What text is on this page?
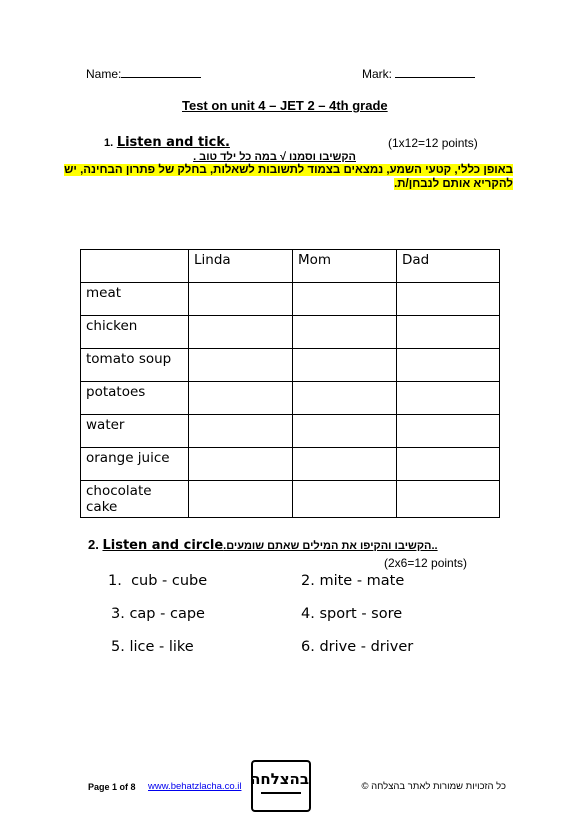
Name:	Mark:
Test on unit 4 – JET 2 – 4th grade
1. Listen and tick.	(1x12=12 points)
הקשיבו וסמנו √ במה כל ילד טוב .
באופן כללי, קטעי השמע, נמצאים בצמוד לתשובות לשאלות, בחלק של פתרון הבחינה, יש
להקריא אותם לנבחן/ת.
	Linda	Mom	Dad
meat			
chicken			
tomato soup			
potatoes			
water			
orange juice			
chocolate cake			
2. Listen and circle..הקשיבו והקיפו את המילים שאתם שומעים.
(2x6=12 points)
1. cub - cube	2. mite - mate
3. cap - cape	4. sport - sore
5. lice - like	6. drive - driver
Page 1 of 8 www.behatzlacha.co.il בהצלחה	כל הזכויות שמורות לאתר בהצלחה ©
